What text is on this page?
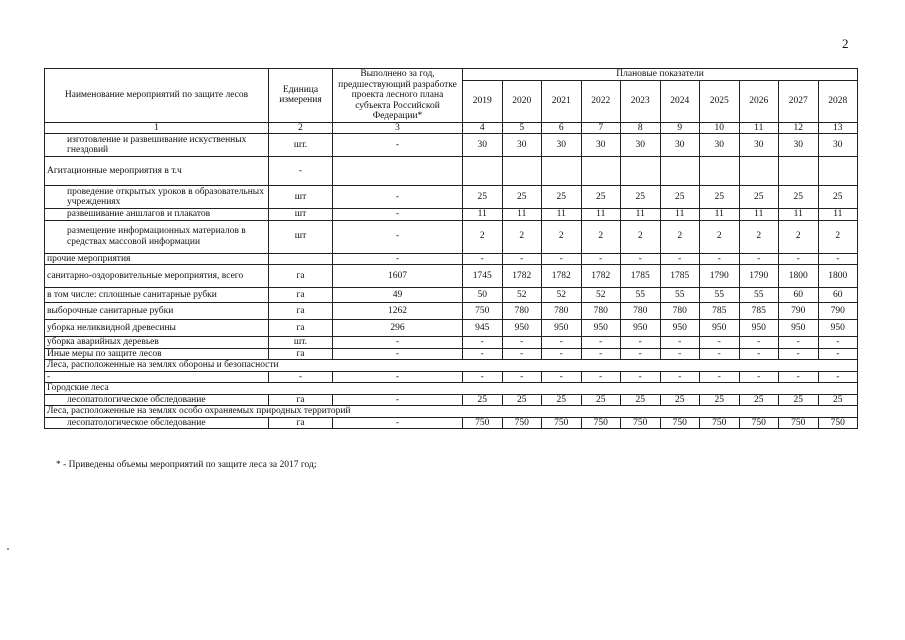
2
Наименование мероприятий по защите лесов	Единица измерения	Выполнено за год, предшествующий разработке проекта лесного плана субъекта Российской Федерации*	Плановые показатели									
			2019	2020	2021	2022	2023	2024	2025	2026	2027	2028
1	2	3	4	5	6	7	8	9	10	11	12	13
изготовление и развешивание искуственных гнездовий	шт.	-	30	30	30	30	30	30	30	30	30	30
Агитационные мероприятия в т.ч	-											
проведение открытых уроков в образовательных учреждениях	шт	-	25	25	25	25	25	25	25	25	25	25
развешивание аншлагов и плакатов	шт	-	11	11	11	11	11	11	11	11	11	11
размещение информационных материалов в средствах массовой информации	шт	-	2	2	2	2	2	2	2	2	2	2
прочие мероприятия		-	-	-	-	-	-	-	-	-	-	-
санитарно-оздоровительные мероприятия, всего	га	1607	1745	1782	1782	1782	1785	1785	1790	1790	1800	1800
в том числе: сплошные санитарные рубки	га	49	50	52	52	52	55	55	55	55	60	60
выборочные санитарные рубки	га	1262	750	780	780	780	780	780	785	785	790	790
уборка неликвидной древесины	га	296	945	950	950	950	950	950	950	950	950	950
уборка аварийных деревьев	шт.	-	-	-	-	-	-	-	-	-	-	-
Иные меры по защите лесов	га	-	-	-	-	-	-	-	-	-	-	-
Леса, расположенные на землях обороны и безопасности												
-	-	-	-	-	-	-	-	-	-	-	-	-
Городские леса												
лесопатологическое обследование	га	-	25	25	25	25	25	25	25	25	25	25
Леса, расположенные на землях особо охраняемых природных территорий												
лесопатологическое обследование	га	-	750	750	750	750	750	750	750	750	750	750
* - Приведены объемы мероприятий по защите леса за 2017 год;
